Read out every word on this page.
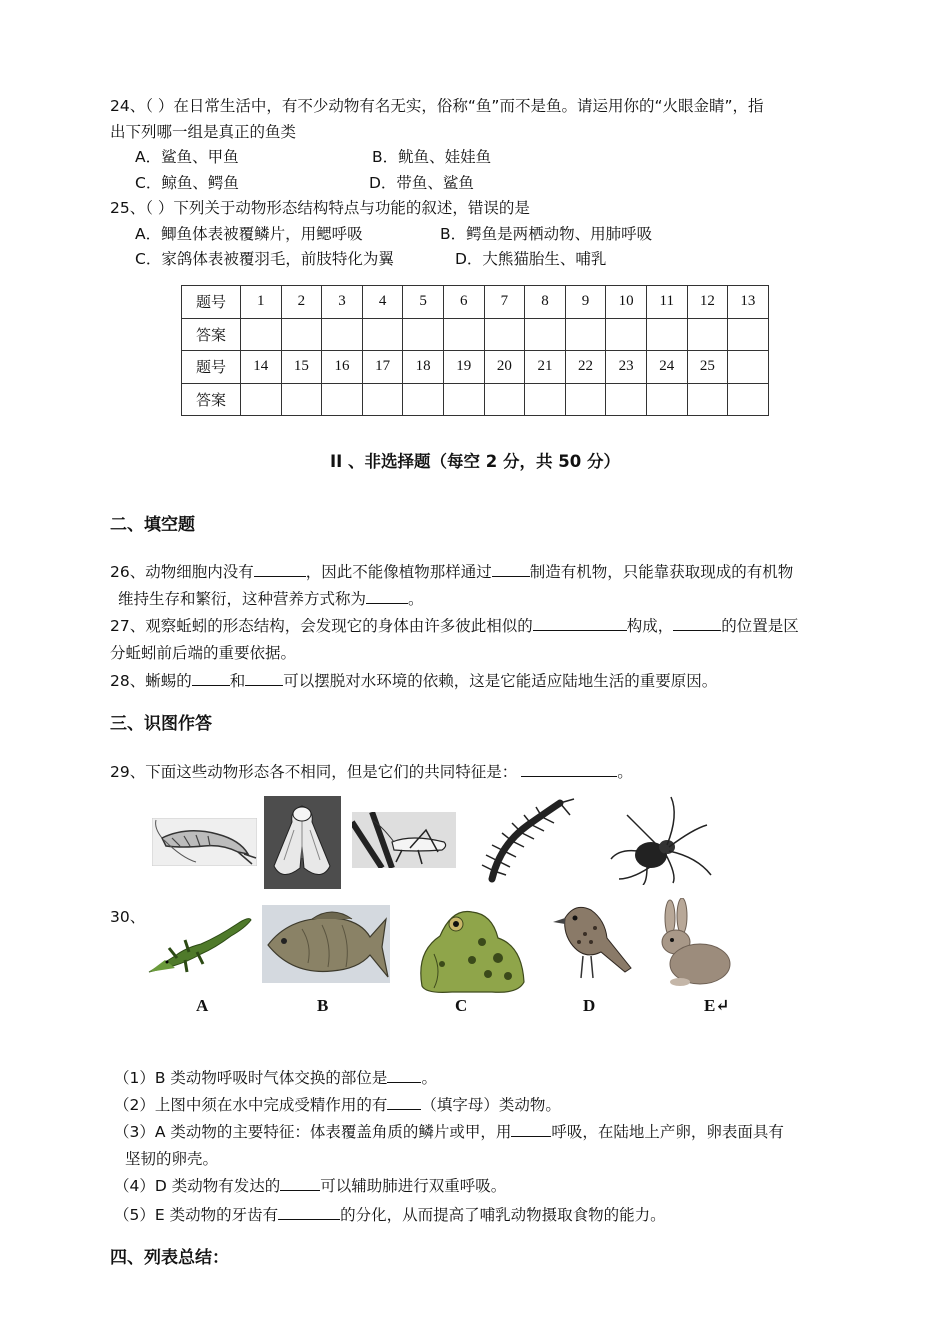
24、（ ）在日常生活中，有不少动物有名无实，俗称“鱼”而不是鱼。请运用你的“火眼金睛”，指
出下列哪一组是真正的鱼类
A．鲨鱼、甲鱼	B．鱿鱼、娃娃鱼
C．鲸鱼、鳄鱼	D．带鱼、鲨鱼
25、（ ）下列关于动物形态结构特点与功能的叙述，错误的是
A．鲫鱼体表被覆鳞片，用鳃呼吸	B．鳄鱼是两栖动物、用肺呼吸
C．家鸽体表被覆羽毛，前肢特化为翼	D．大熊猫胎生、哺乳
题号	1	2	3	4	5	6	7	8	9	10	11	12	13
答案													
题号	14	15	16	17	18	19	20	21	22	23	24	25	
答案													
II 、非选择题（每空 2 分，共 50 分）
二、填空题
26、动物细胞内没有	，因此不能像植物那样通过 制造有机物，只能靠获取现成的有机物
维持生存和繁衍，这种营养方式称为	。
27、观察蚯蚓的形态结构，会发现它的身体由许多彼此相似的	构成，	的位置是区
分蚯蚓前后端的重要依据。
28、蜥蜴的 和 可以摆脱对水环境的依赖，这是它能适应陆地生活的重要原因。
三、识图作答
29、下面这些动物形态各不相同，但是它们的共同特征是：	。
30、
A	B	C	D	E↵
（1）B 类动物呼吸时气体交换的部位是 。
（2）上图中须在水中完成受精作用的有 （填字母）类动物。
（3）A 类动物的主要特征：体表覆盖角质的鳞片或甲，用	呼吸，在陆地上产卵，卵表面具有
坚韧的卵壳。
（4）D 类动物有发达的	可以辅助肺进行双重呼吸。
（5）E 类动物的牙齿有	的分化，从而提高了哺乳动物摄取食物的能力。
四、列表总结：
